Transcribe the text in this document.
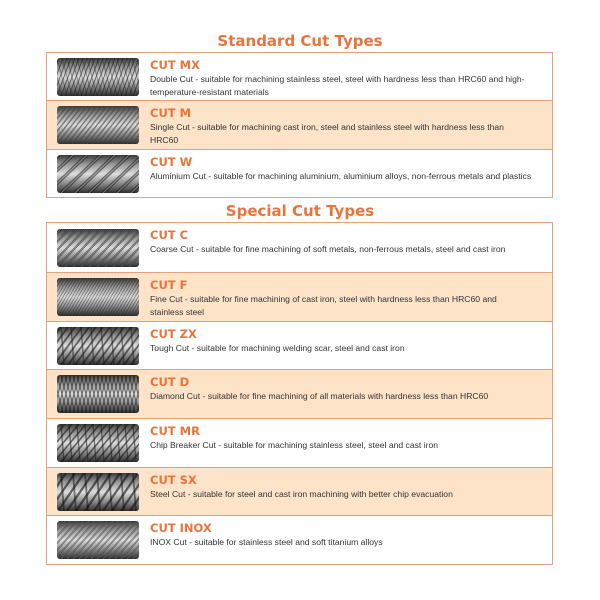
Standard Cut Types
CUT MX
Double Cut - suitable for machining stainless steel, steel with hardness less than HRC60 and high-temperature-resistant materials
CUT M
Single Cut - suitable for machining cast iron, steel and stainless steel with hardness less than HRC60
CUT W
Aluminium Cut - suitable for machining aluminium, aluminium alloys, non-ferrous metals and plastics
Special Cut Types
CUT C
Coarse Cut - suitable for fine machining of soft metals, non-ferrous metals, steel and cast iron
CUT F
Fine Cut - suitable for fine machining of cast iron, steel with hardness less than HRC60 and stainless steel
CUT ZX
Tough Cut - suitable for machining welding scar, steel and cast iron
CUT D
Diamond Cut - suitable for fine machining of all materials with hardness less than HRC60
CUT MR
Chip Breaker Cut - suitable for machining stainless steel, steel and cast iron
CUT SX
Steel Cut - suitable for steel and cast iron machining with better chip evacuation
CUT INOX
INOX Cut - suitable for stainless steel and soft titanium alloys
